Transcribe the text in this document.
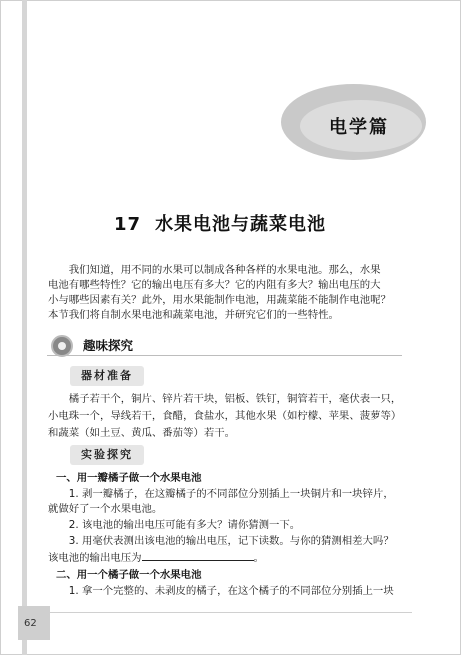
电学篇
17 水果电池与蔬菜电池
　　我们知道，用不同的水果可以制成各种各样的水果电池。那么，水果
电池有哪些特性？它的输出电压有多大？它的内阻有多大？输出电压的大
小与哪些因素有关？此外，用水果能制作电池，用蔬菜能不能制作电池呢？
本节我们将自制水果电池和蔬菜电池，并研究它们的一些特性。
趣味探究
器材准备
　　橘子若干个，铜片、锌片若干块，铝板、铁钉，铜管若干，毫伏表一只，
小电珠一个，导线若干，食醋，食盐水，其他水果（如柠檬、苹果、菠萝等）
和蔬菜（如土豆、黄瓜、番茄等）若干。
实验探究
一、用一瓣橘子做一个水果电池
　　1. 剥一瓣橘子，在这瓣橘子的不同部位分别插上一块铜片和一块锌片，
就做好了一个水果电池。
　　2. 该电池的输出电压可能有多大？请你猜测一下。
　　3. 用毫伏表测出该电池的输出电压，记下读数。与你的猜测相差大吗？
该电池的输出电压为	。
二、用一个橘子做一个水果电池
　　1. 拿一个完整的、未剥皮的橘子，在这个橘子的不同部位分别插上一块
62
